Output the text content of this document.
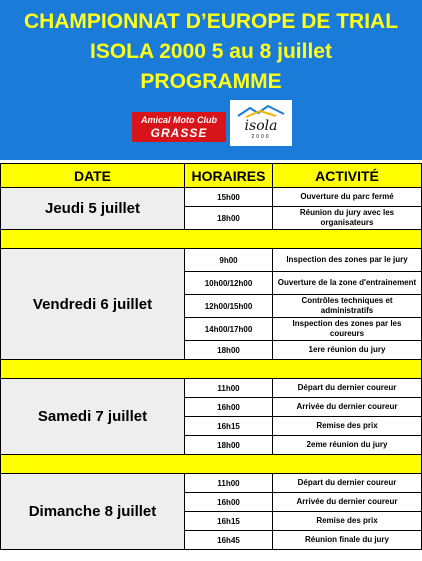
CHAMPIONNAT D’EUROPE DE TRIAL
ISOLA 2000 5 au 8 juillet
PROGRAMME
Amical Moto Club
GRASSE	isola
2000
DATE	HORAIRES	ACTIVITÉ
Jeudi 5 juillet	15h00	Ouverture du parc fermé
	18h00	Réunion du jury avec les organisateurs

Vendredi 6 juillet	9h00	Inspection des zones par le jury
	10h00/12h00	Ouverture de la zone d'entrainement
	12h00/15h00	Contrôles techniques et administratifs
	14h00/17h00	Inspection des zones par les coureurs
	18h00	1ere réunion du jury

Samedi 7 juillet	11h00	Départ du dernier coureur
	16h00	Arrivée du dernier coureur
	16h15	Remise des prix
	18h00	2eme réunion du jury

Dimanche 8 juillet	11h00	Départ du dernier coureur
	16h00	Arrivée du dernier coureur
	16h15	Remise des prix
	16h45	Réunion finale du jury
